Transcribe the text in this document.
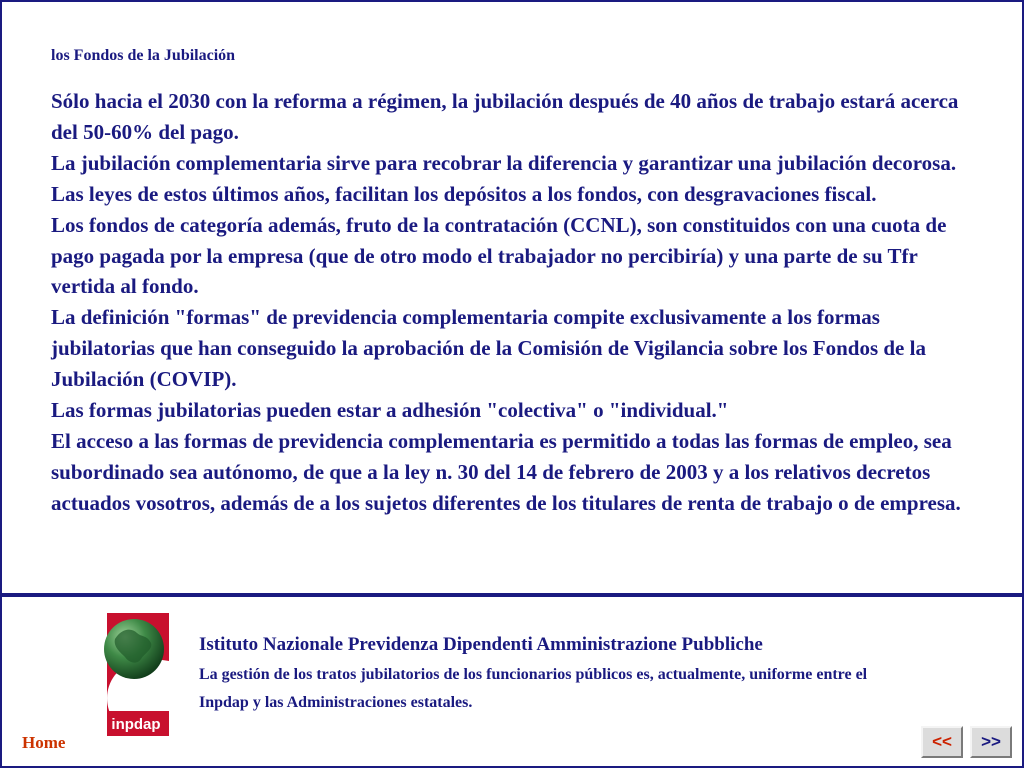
los Fondos de la Jubilación

Sólo hacia el 2030 con la reforma a régimen, la jubilación después de 40 años de trabajo estará acerca del 50-60% del pago.

La jubilación complementaria sirve para recobrar la diferencia y garantizar una jubilación decorosa. Las leyes de estos últimos años, facilitan los depósitos a los fondos, con desgravaciones fiscal.

Los fondos de categoría además, fruto de la contratación (CCNL), son constituidos con una cuota de pago pagada por la empresa (que de otro modo el trabajador no percibiría) y una parte de su Tfr vertida al fondo.

La definición "formas" de previdencia complementaria compite exclusivamente a los formas jubilatorias que han conseguido la aprobación de la Comisión de Vigilancia sobre los Fondos de la Jubilación (COVIP).

Las formas jubilatorias pueden estar a adhesión "colectiva" o "individual."

El acceso a las formas de previdencia complementaria es permitido a todas las formas de empleo, sea subordinado sea autónomo, de que a la ley n. 30 del 14 de febrero de 2003 y a los relativos decretos actuados vosotros, además de a los sujetos diferentes de los titulares de renta de trabajo o de empresa.

inpdap
Istituto Nazionale Previdenza Dipendenti Amministrazione Pubbliche
La gestión de los tratos jubilatorios de los funcionarios públicos es, actualmente, uniforme entre el Inpdap y las Administraciones estatales.
Home	<<	>>
